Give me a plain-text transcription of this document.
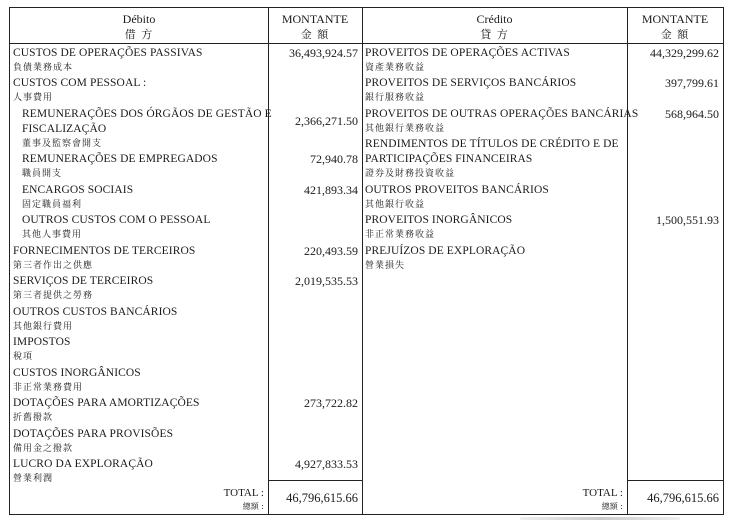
Débito
借 方
MONTANTE
金 額
Crédito
貸 方
MONTANTE
金 額
CUSTOS DE OPERAÇÕES PASSIVAS
負債業務成本
CUSTOS COM PESSOAL :
人事費用
REMUNERAÇÕES DOS ÓRGÃOS DE GESTÃO E
FISCALIZAÇÃO
董事及監察會開支
REMUNERAÇÕES DE EMPREGADOS
職員開支
ENCARGOS SOCIAIS
固定職員福利
OUTROS CUSTOS COM O PESSOAL
其他人事費用
FORNECIMENTOS DE TERCEIROS
第三者作出之供應
SERVIÇOS DE TERCEIROS
第三者提供之勞務
OUTROS CUSTOS BANCÁRIOS
其他銀行費用
IMPOSTOS
稅項
CUSTOS INORGÂNICOS
非正常業務費用
DOTAÇÕES PARA AMORTIZAÇÕES
折舊撥款
DOTAÇÕES PARA PROVISÕES
備用金之撥款
LUCRO DA EXPLORAÇÃO
營業利潤
TOTAL :
總額 :
36,493,924.57
2,366,271.50
72,940.78
421,893.34
220,493.59
2,019,535.53
273,722.82
4,927,833.53
46,796,615.66
PROVEITOS DE OPERAÇÕES ACTIVAS
資產業務收益
PROVEITOS DE SERVIÇOS BANCÁRIOS
銀行服務收益
PROVEITOS DE OUTRAS OPERAÇÕES BANCÁRIAS
其他銀行業務收益
RENDIMENTOS DE TÍTULOS DE CRÉDITO E DE
PARTICIPAÇÕES FINANCEIRAS
證券及財務投資收益
OUTROS PROVEITOS BANCÁRIOS
其他銀行收益
PROVEITOS INORGÂNICOS
非正常業務收益
PREJUÍZOS DE EXPLORAÇÃO
營業損失
TOTAL :
總額 :
44,329,299.62
397,799.61
568,964.50
1,500,551.93
46,796,615.66
